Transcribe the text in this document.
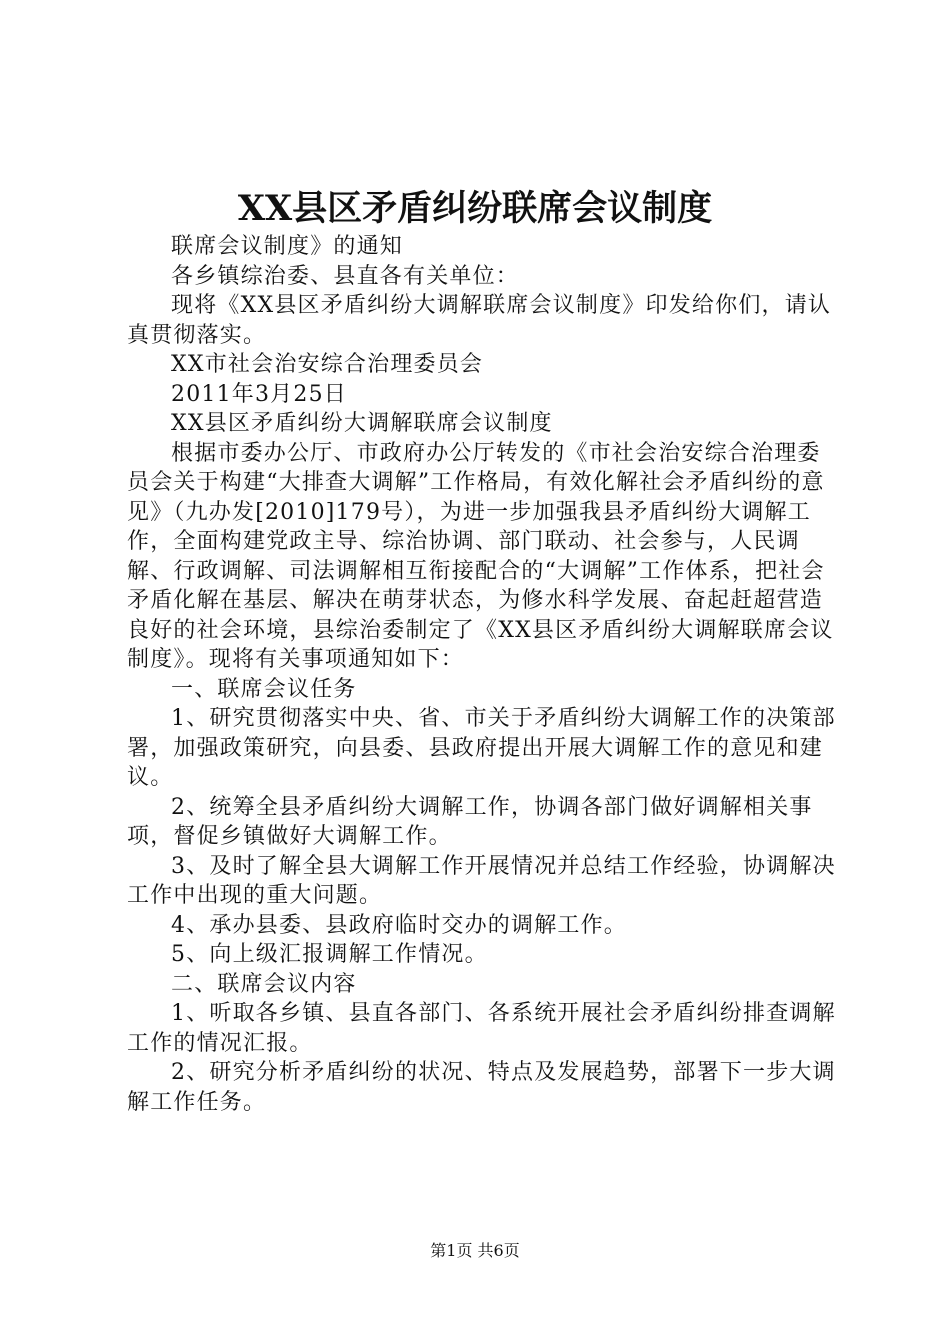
XX县区矛盾纠纷联席会议制度

联席会议制度》的通知

各乡镇综治委、县直各有关单位：

现将《XX县区矛盾纠纷大调解联席会议制度》印发给你们，请认真贯彻落实。

XX市社会治安综合治理委员会

2011年3月25日

XX县区矛盾纠纷大调解联席会议制度

根据市委办公厅、市政府办公厅转发的《市社会治安综合治理委员会关于构建“大排查大调解”工作格局，有效化解社会矛盾纠纷的意见》（九办发[2010]179号），为进一步加强我县矛盾纠纷大调解工作，全面构建党政主导、综治协调、部门联动、社会参与，人民调解、行政调解、司法调解相互衔接配合的“大调解”工作体系，把社会矛盾化解在基层、解决在萌芽状态，为修水科学发展、奋起赶超营造良好的社会环境，县综治委制定了《XX县区矛盾纠纷大调解联席会议制度》。现将有关事项通知如下：

一、联席会议任务

1、研究贯彻落实中央、省、市关于矛盾纠纷大调解工作的决策部署，加强政策研究，向县委、县政府提出开展大调解工作的意见和建议。

2、统筹全县矛盾纠纷大调解工作，协调各部门做好调解相关事项，督促乡镇做好大调解工作。

3、及时了解全县大调解工作开展情况并总结工作经验，协调解决工作中出现的重大问题。

4、承办县委、县政府临时交办的调解工作。

5、向上级汇报调解工作情况。

二、联席会议内容

1、听取各乡镇、县直各部门、各系统开展社会矛盾纠纷排查调解工作的情况汇报。

2、研究分析矛盾纠纷的状况、特点及发展趋势，部署下一步大调解工作任务。

第1页 共6页
